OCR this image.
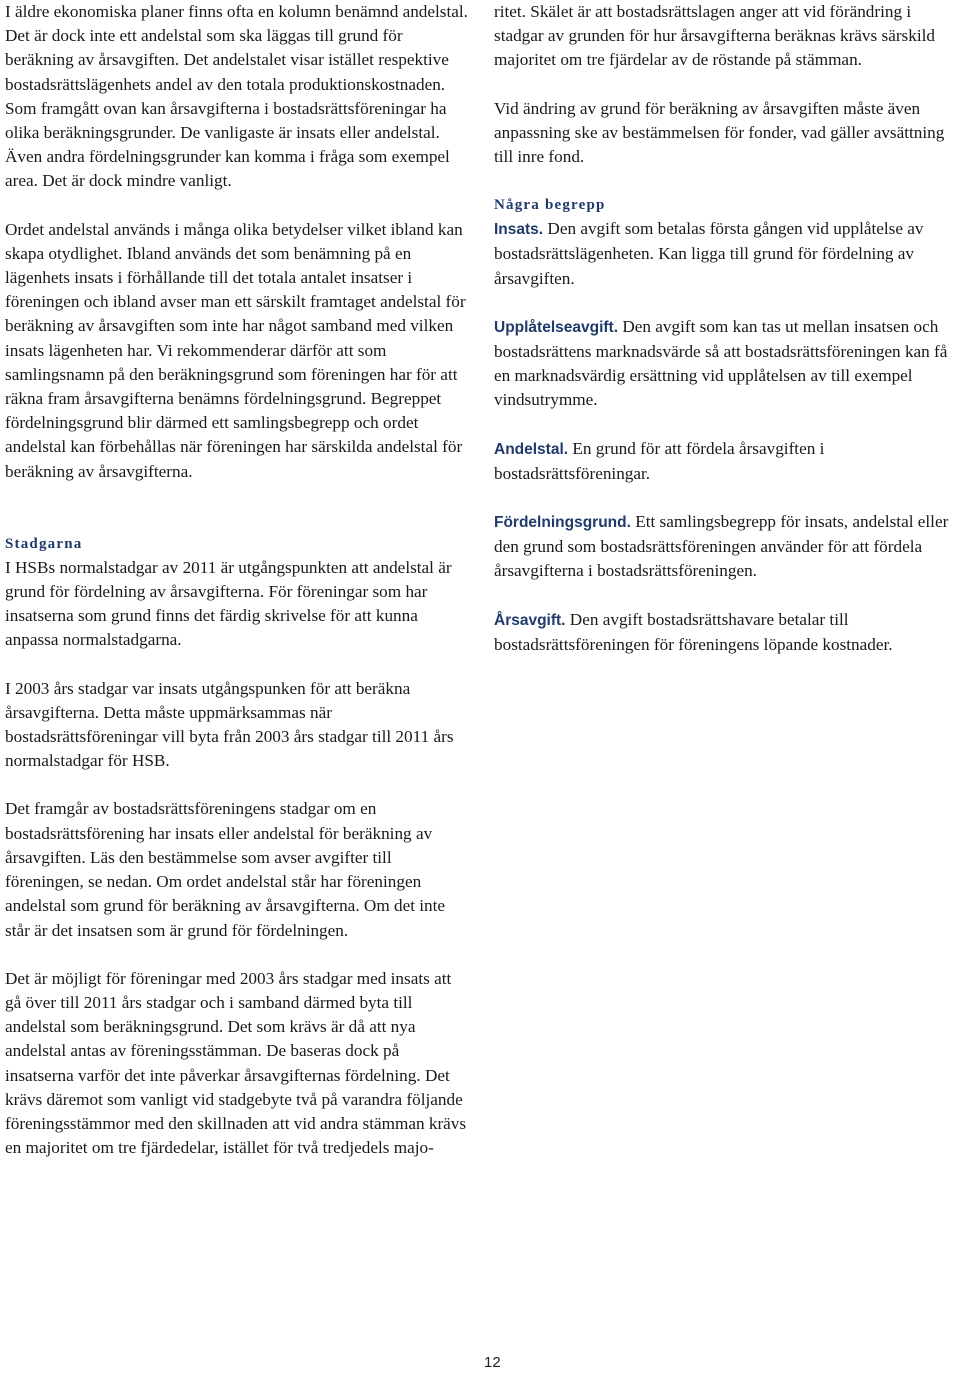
I äldre ekonomiska planer finns ofta en kolumn benämnd andelstal. Det är dock inte ett andelstal som ska läggas till grund för beräkning av årsavgiften. Det andelstalet visar istället respektive bostadsrättslägenhets andel av den totala produktionskostnaden. Som framgått ovan kan årsavgifterna i bostadsrättsföreningar ha olika beräkningsgrunder. De vanligaste är insats eller andelstal. Även andra fördelningsgrunder kan komma i fråga som exempel area. Det är dock mindre vanligt.

Ordet andelstal används i många olika betydelser vilket ibland kan skapa otydlighet. Ibland används det som benämning på en lägenhets insats i förhållande till det totala antalet insatser i föreningen och ibland avser man ett särskilt framtaget andelstal för beräkning av årsavgiften som inte har något samband med vilken insats lägenheten har. Vi rekommenderar därför att som samlingsnamn på den beräkningsgrund som föreningen har för att räkna fram årsavgifterna benämns fördelningsgrund. Begreppet fördelningsgrund blir därmed ett samlingsbegrepp och ordet andelstal kan förbehållas när föreningen har särskilda andelstal för beräkning av årsavgifterna.

Stadgarna

I HSBs normalstadgar av 2011 är utgångspunkten att andelstal är grund för fördelning av årsavgifterna. För föreningar som har insatserna som grund finns det färdig skrivelse för att kunna anpassa normalstadgarna.

I 2003 års stadgar var insats utgångspunken för att beräkna årsavgifterna. Detta måste uppmärksammas när bostadsrättsföreningar vill byta från 2003 års stadgar till 2011 års normalstadgar för HSB.

Det framgår av bostadsrättsföreningens stadgar om en bostadsrättsförening har insats eller andelstal för beräkning av årsavgiften. Läs den bestämmelse som avser avgifter till föreningen, se nedan. Om ordet andelstal står har föreningen andelstal som grund för beräkning av årsavgifterna. Om det inte står är det insatsen som är grund för fördelningen.

Det är möjligt för föreningar med 2003 års stadgar med insats att gå över till 2011 års stadgar och i samband därmed byta till andelstal som beräkningsgrund. Det som krävs är då att nya andelstal antas av föreningsstämman. De baseras dock på insatserna varför det inte påverkar årsavgifternas fördelning. Det krävs däremot som vanligt vid stadgebyte två på varandra följande föreningsstämmor med den skillnaden att vid andra stämman krävs en majoritet om tre fjärdedelar, istället för två tredjedels majo-

ritet. Skälet är att bostadsrättslagen anger att vid förändring i stadgar av grunden för hur årsavgifterna beräknas krävs särskild majoritet om tre fjärdelar av de röstande på stämman.

Vid ändring av grund för beräkning av årsavgiften måste även anpassning ske av bestämmelsen för fonder, vad gäller avsättning till inre fond.

Några begrepp

Insats. Den avgift som betalas första gången vid upplåtelse av bostadsrättslägenheten. Kan ligga till grund för fördelning av årsavgiften.

Upplåtelseavgift. Den avgift som kan tas ut mellan insatsen och bostadsrättens marknadsvärde så att bostadsrättsföreningen kan få en marknadsvärdig ersättning vid upplåtelsen av till exempel vindsutrymme.

Andelstal. En grund för att fördela årsavgiften i bostadsrättsföreningar.

Fördelningsgrund. Ett samlingsbegrepp för insats, andelstal eller den grund som bostadsrättsföreningen använder för att fördela årsavgifterna i bostadsrättsföreningen.

Årsavgift. Den avgift bostadsrättshavare betalar till bostadsrättsföreningen för föreningens löpande kostnader.

12
